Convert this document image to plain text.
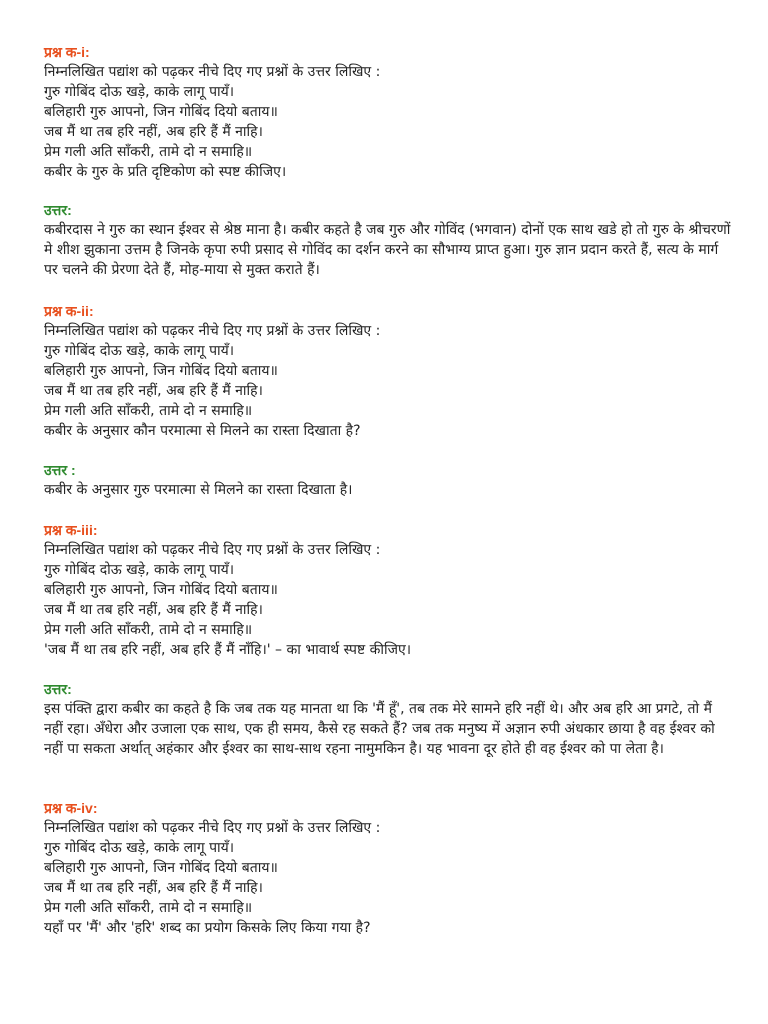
प्रश्न क-i:
निम्नलिखित पद्यांश को पढ़कर नीचे दिए गए प्रश्नों के उत्तर लिखिए :
गुरु गोबिंद दोऊ खड़े, काके लागू पायँ।
बलिहारी गुरु आपनो, जिन गोबिंद दियो बताय॥
जब मैं था तब हरि नहीं, अब हरि हैं मैं नाहि।
प्रेम गली अति साँकरी, तामे दो न समाहि॥
कबीर के गुरु के प्रति दृष्टिकोण को स्पष्ट कीजिए।
उत्तर:
कबीरदास ने गुरु का स्थान ईश्वर से श्रेष्ठ माना है। कबीर कहते है जब गुरु और गोविंद (भगवान) दोनों एक साथ खडे हो तो गुरु के श्रीचरणों मे शीश झुकाना उत्तम है जिनके कृपा रुपी प्रसाद से गोविंद का दर्शन करने का सौभाग्य प्राप्त हुआ। गुरु ज्ञान प्रदान करते हैं, सत्य के मार्ग पर चलने की प्रेरणा देते हैं, मोह-माया से मुक्त कराते हैं।
प्रश्न क-ii:
निम्नलिखित पद्यांश को पढ़कर नीचे दिए गए प्रश्नों के उत्तर लिखिए :
गुरु गोबिंद दोऊ खड़े, काके लागू पायँ।
बलिहारी गुरु आपनो, जिन गोबिंद दियो बताय॥
जब मैं था तब हरि नहीं, अब हरि हैं मैं नाहि।
प्रेम गली अति साँकरी, तामे दो न समाहि॥
कबीर के अनुसार कौन परमात्मा से मिलने का रास्ता दिखाता है?
उत्तर :
कबीर के अनुसार गुरु परमात्मा से मिलने का रास्ता दिखाता है।
प्रश्न क-iii:
निम्नलिखित पद्यांश को पढ़कर नीचे दिए गए प्रश्नों के उत्तर लिखिए :
गुरु गोबिंद दोऊ खड़े, काके लागू पायँ।
बलिहारी गुरु आपनो, जिन गोबिंद दियो बताय॥
जब मैं था तब हरि नहीं, अब हरि हैं मैं नाहि।
प्रेम गली अति साँकरी, तामे दो न समाहि॥
'जब मैं था तब हरि नहीं, अब हरि हैं मैं नाँहि।' – का भावार्थ स्पष्ट कीजिए।
उत्तर:
इस पंक्ति द्वारा कबीर का कहते है कि जब तक यह मानता था कि 'मैं हूँ', तब तक मेरे सामने हरि नहीं थे। और अब हरि आ प्रगटे, तो मैं नहीं रहा। अँधेरा और उजाला एक साथ, एक ही समय, कैसे रह सकते हैं? जब तक मनुष्य में अज्ञान रुपी अंधकार छाया है वह ईश्वर को नहीं पा सकता अर्थात् अहंकार और ईश्वर का साथ-साथ रहना नामुमकिन है। यह भावना दूर होते ही वह ईश्वर को पा लेता है।
प्रश्न क-iv:
निम्नलिखित पद्यांश को पढ़कर नीचे दिए गए प्रश्नों के उत्तर लिखिए :
गुरु गोबिंद दोऊ खड़े, काके लागू पायँ।
बलिहारी गुरु आपनो, जिन गोबिंद दियो बताय॥
जब मैं था तब हरि नहीं, अब हरि हैं मैं नाहि।
प्रेम गली अति साँकरी, तामे दो न समाहि॥
यहाँ पर 'मैं' और 'हरि' शब्द का प्रयोग किसके लिए किया गया है?
